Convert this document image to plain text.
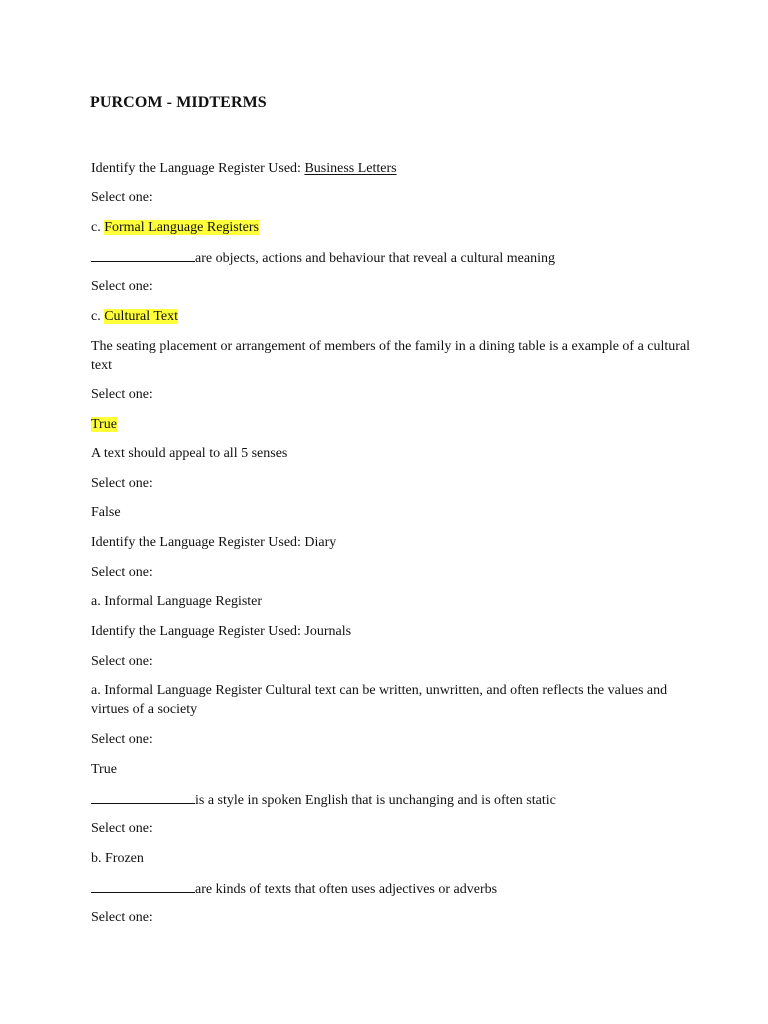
PURCOM - MIDTERMS

Identify the Language Register Used: Business Letters

Select one:

c. Formal Language Registers

are objects, actions and behaviour that reveal a cultural meaning

Select one:

c. Cultural Text

The seating placement or arrangement of members of the family in a dining table is a example of a cultural text

Select one:

True

A text should appeal to all 5 senses

Select one:

False

Identify the Language Register Used: Diary

Select one:

a. Informal Language Register

Identify the Language Register Used: Journals

Select one:

a. Informal Language Register Cultural text can be written, unwritten, and often reflects the values and virtues of a society

Select one:

True

is a style in spoken English that is unchanging and is often static

Select one:

b. Frozen

are kinds of texts that often uses adjectives or adverbs

Select one:
